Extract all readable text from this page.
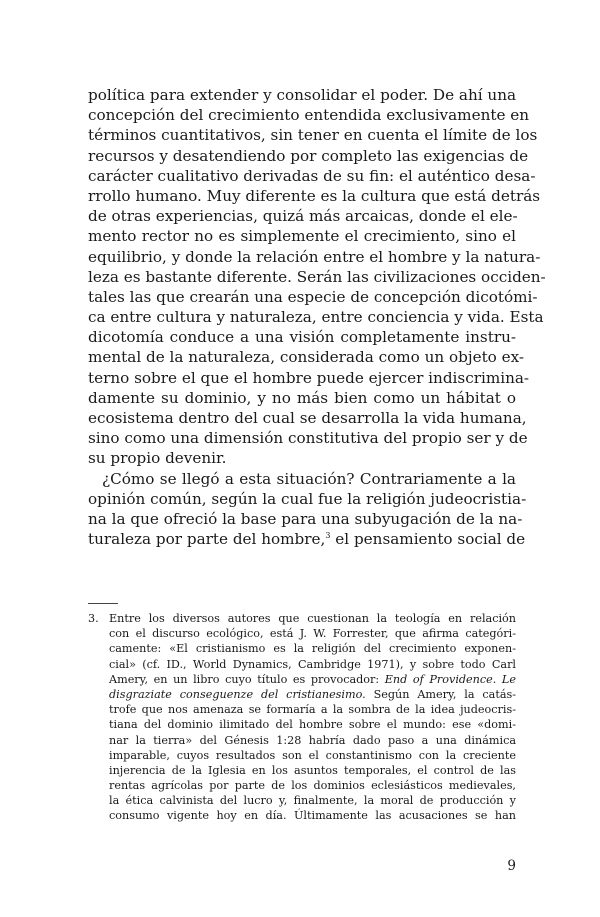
política para extender y consolidar el poder. De ahí una
concepción del crecimiento entendida exclusivamente en
términos cuantitativos, sin tener en cuenta el límite de los
recursos y desatendiendo por completo las exigencias de
carácter cualitativo derivadas de su fin: el auténtico desa-
rrollo humano. Muy diferente es la cultura que está detrás
de otras experiencias, quizá más arcaicas, donde el ele-
mento rector no es simplemente el crecimiento, sino el
equilibrio, y donde la relación entre el hombre y la natura-
leza es bastante diferente. Serán las civilizaciones occiden-
tales las que crearán una especie de concepción dicotómi-
ca entre cultura y naturaleza, entre conciencia y vida. Esta
dicotomía conduce a una visión completamente instru-
mental de la naturaleza, considerada como un objeto ex-
terno sobre el que el hombre puede ejercer indiscrimina-
damente su dominio, y no más bien como un hábitat o
ecosistema dentro del cual se desarrolla la vida humana,
sino como una dimensión constitutiva del propio ser y de
su propio devenir.
¿Cómo se llegó a esta situación? Contrariamente a la
opinión común, según la cual fue la religión judeocristia-
na la que ofreció la base para una subyugación de la na-
turaleza por parte del hombre,$^3$ el pensamiento social de
3. Entre los diversos autores que cuestionan la teología en relación
con el discurso ecológico, está J. W. Forrester, que afirma categóri-
camente: «El cristianismo es la religión del crecimiento exponen-
cial» (cf. ID., World Dynamics, Cambridge 1971), y sobre todo Carl
Amery, en un libro cuyo título es provocador: End of Providence. Le
disgraziate conseguenze del cristianesimo. Según Amery, la catás-
trofe que nos amenaza se formaría a la sombra de la idea judeocris-
tiana del dominio ilimitado del hombre sobre el mundo: ese «domi-
nar la tierra» del Génesis 1:28 habría dado paso a una dinámica
imparable, cuyos resultados son el constantinismo con la creciente
injerencia de la Iglesia en los asuntos temporales, el control de las
rentas agrícolas por parte de los dominios eclesiásticos medievales,
la ética calvinista del lucro y, finalmente, la moral de producción y
consumo vigente hoy en día. Últimamente las acusaciones se han
9
